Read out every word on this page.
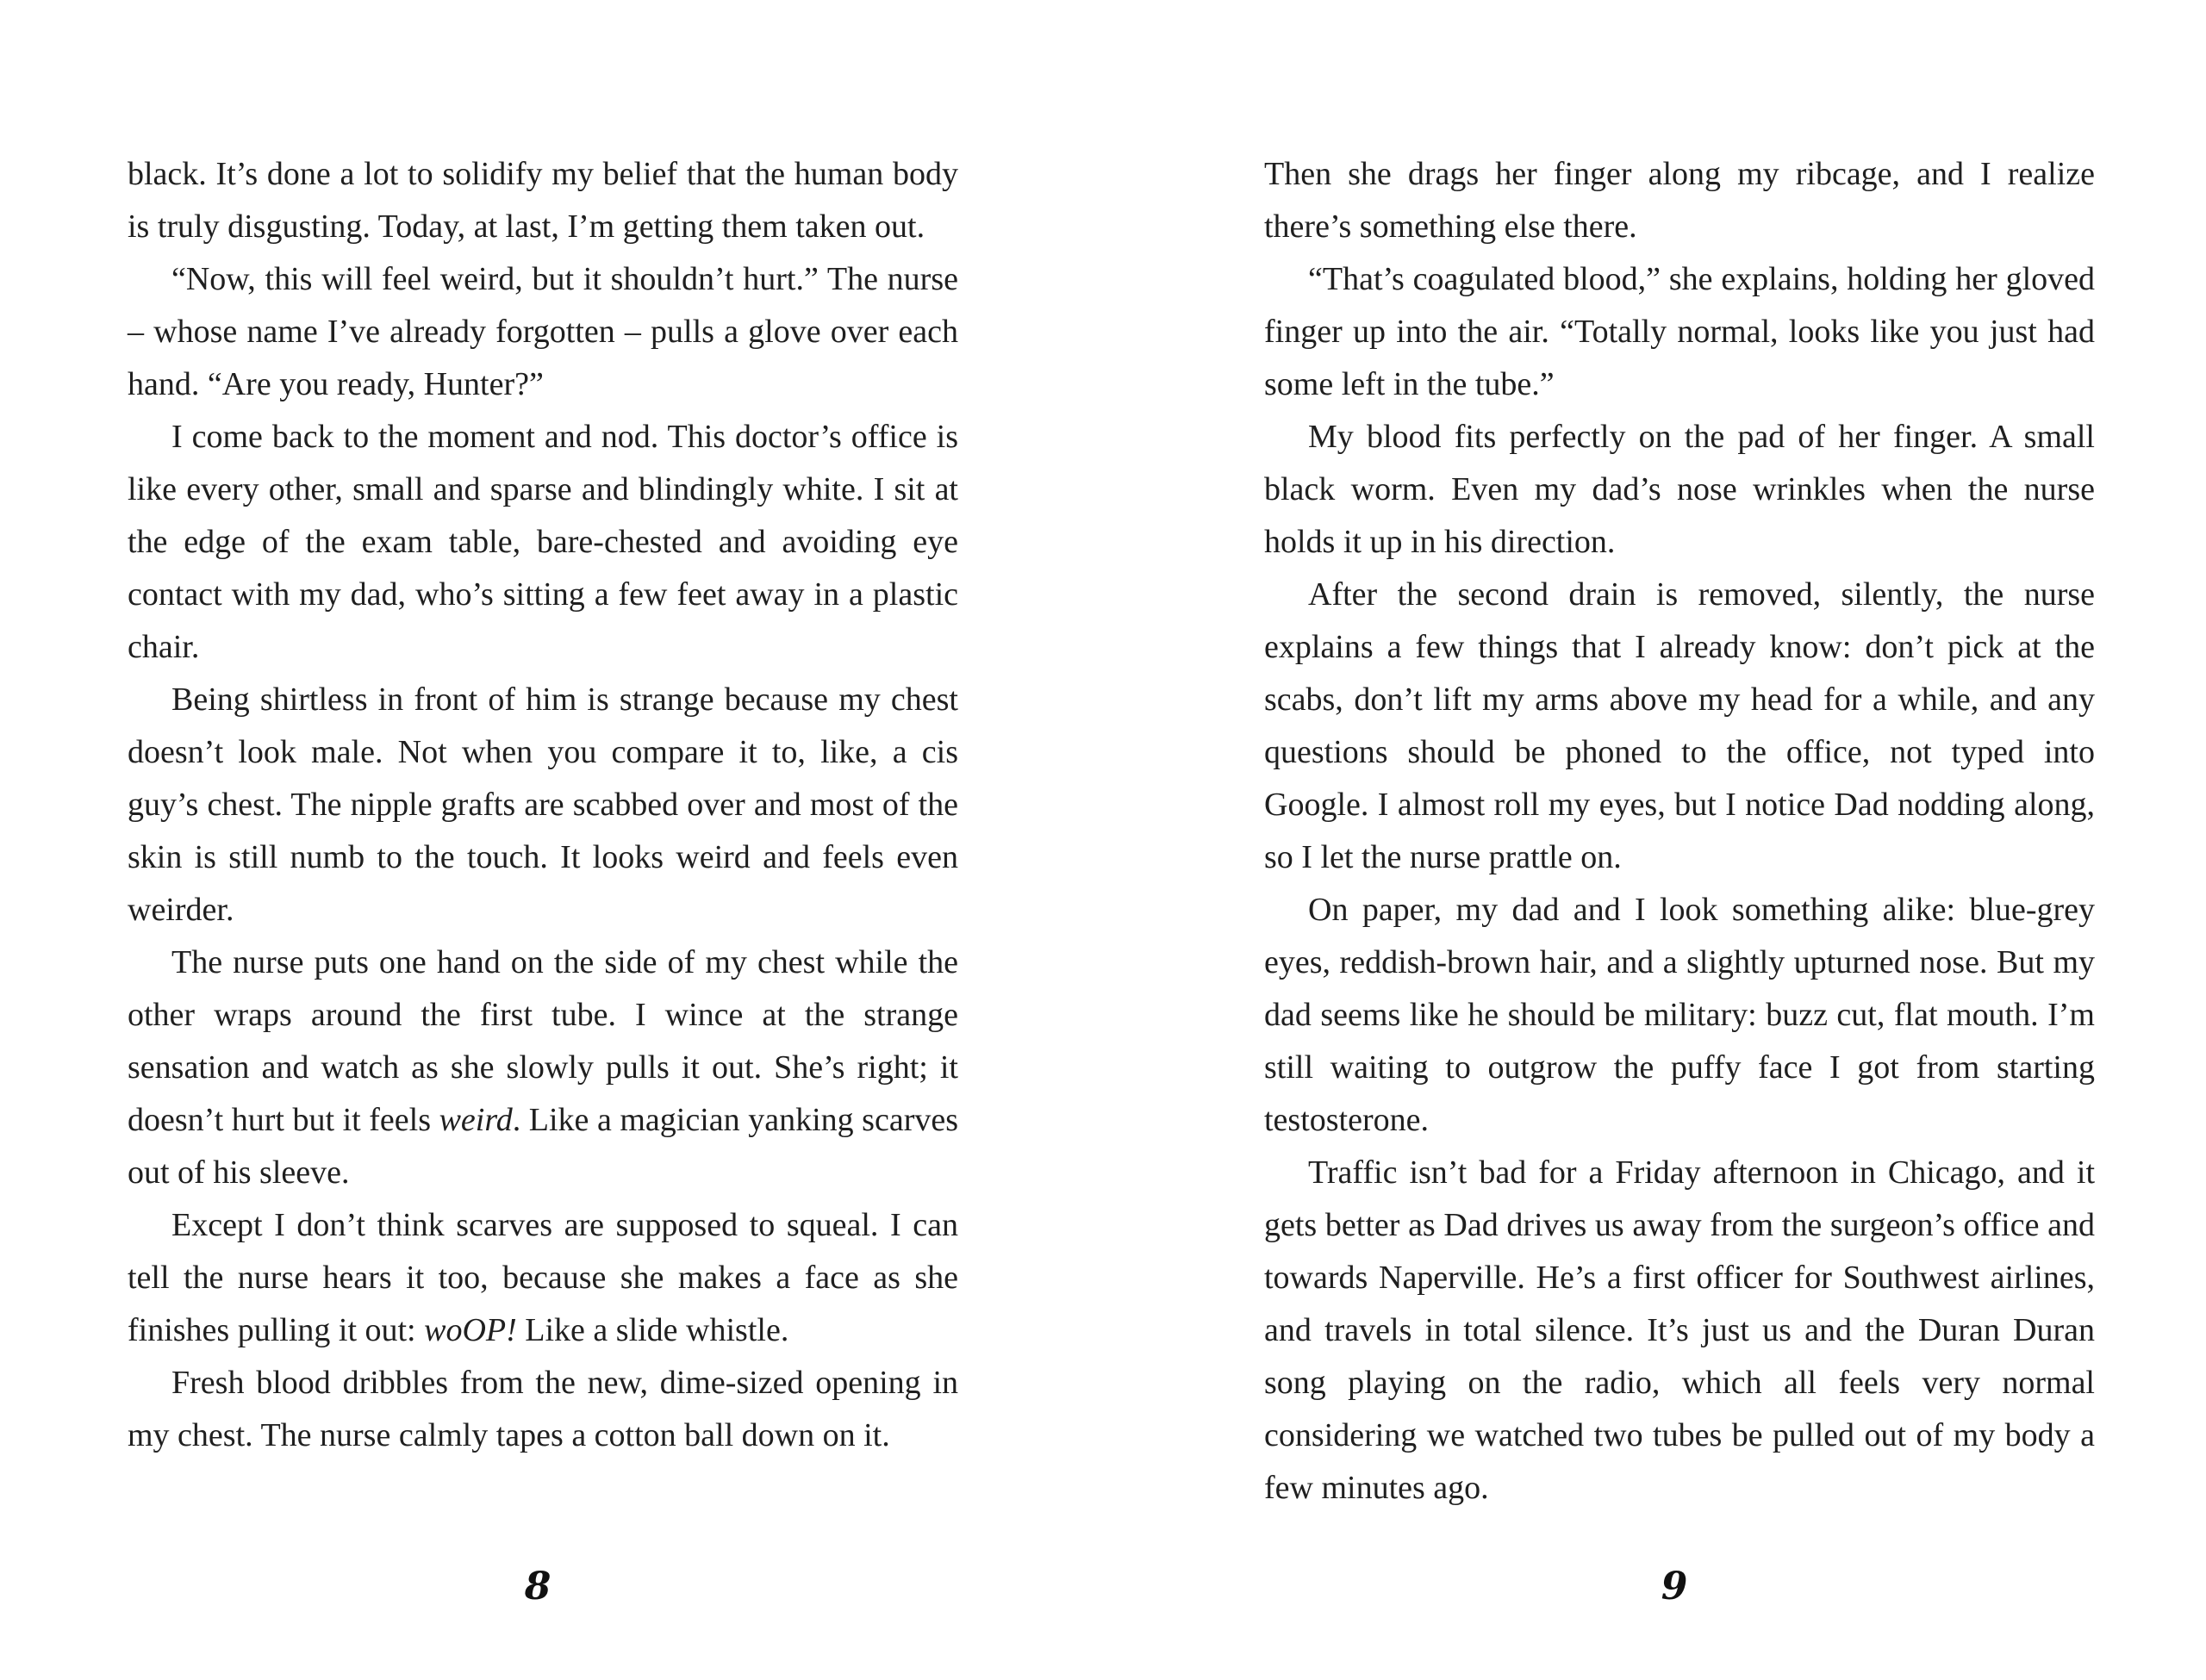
black. It’s done a lot to solidify my belief that the human body is truly disgusting. Today, at last, I’m getting them taken out.

“Now, this will feel weird, but it shouldn’t hurt.” The nurse – whose name I’ve already forgotten – pulls a glove over each hand. “Are you ready, Hunter?”

I come back to the moment and nod. This doctor’s office is like every other, small and sparse and blindingly white. I sit at the edge of the exam table, bare-chested and avoiding eye contact with my dad, who’s sitting a few feet away in a plastic chair.

Being shirtless in front of him is strange because my chest doesn’t look male. Not when you compare it to, like, a cis guy’s chest. The nipple grafts are scabbed over and most of the skin is still numb to the touch. It looks weird and feels even weirder.

The nurse puts one hand on the side of my chest while the other wraps around the first tube. I wince at the strange sensation and watch as she slowly pulls it out. She’s right; it doesn’t hurt but it feels weird. Like a magician yanking scarves out of his sleeve.

Except I don’t think scarves are supposed to squeal. I can tell the nurse hears it too, because she makes a face as she finishes pulling it out: woOP! Like a slide whistle.

Fresh blood dribbles from the new, dime-sized opening in my chest. The nurse calmly tapes a cotton ball down on it.

8

Then she drags her finger along my ribcage, and I realize there’s something else there.

“That’s coagulated blood,” she explains, holding her gloved finger up into the air. “Totally normal, looks like you just had some left in the tube.”

My blood fits perfectly on the pad of her finger. A small black worm. Even my dad’s nose wrinkles when the nurse holds it up in his direction.

After the second drain is removed, silently, the nurse explains a few things that I already know: don’t pick at the scabs, don’t lift my arms above my head for a while, and any questions should be phoned to the office, not typed into Google. I almost roll my eyes, but I notice Dad nodding along, so I let the nurse prattle on.

On paper, my dad and I look something alike: blue-grey eyes, reddish-brown hair, and a slightly upturned nose. But my dad seems like he should be military: buzz cut, flat mouth. I’m still waiting to outgrow the puffy face I got from starting testosterone.

Traffic isn’t bad for a Friday afternoon in Chicago, and it gets better as Dad drives us away from the surgeon’s office and towards Naperville. He’s a first officer for Southwest airlines, and travels in total silence. It’s just us and the Duran Duran song playing on the radio, which all feels very normal considering we watched two tubes be pulled out of my body a few minutes ago.

9
